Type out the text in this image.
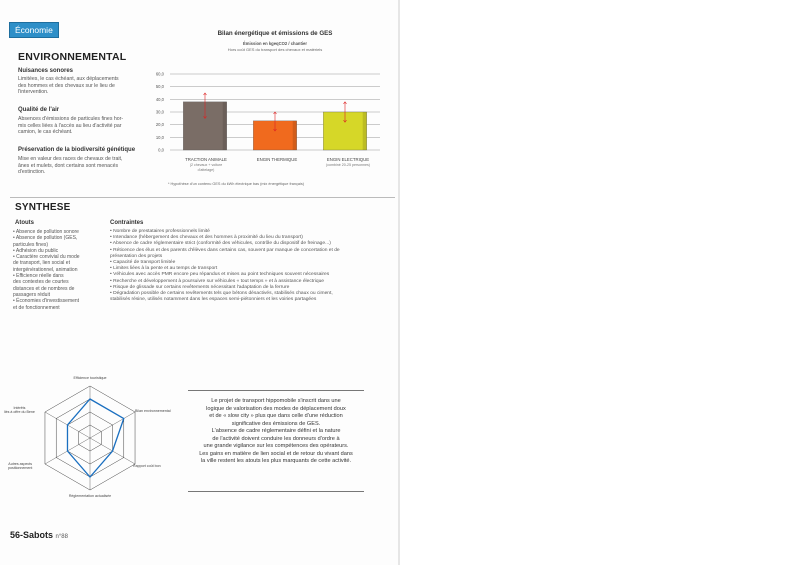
Économie
ENVIRONNEMENTAL
Nuisances sonores
Limitées, le cas échéant, aux déplacements
des hommes et des chevaux sur le lieu de
l'intervention.
Qualité de l'air
Absences d'émissions de particules fines hor-
mis celles liées à l'accès au lieu d'activité par
camion, le cas échéant.
Préservation de la biodiversité génétique
Mise en valeur des races de chevaux de trait,
ânes et mulets, dont certains sont menacés
d'extinction.
Bilan énergétique et émissions de GES
Émission en kgeqCO2 / chantier
Hors coût GES du transport des chevaux et matériels
0,0
10,0
20,0
30,0
40,0
50,0
60,0
TRACTION ANIMALE
(2 chevaux + voiture
d'attelage)
ENGIN THERMIQUE	ENGIN ELECTRIQUE
(combiné 20-25 personnes)
* Hypothèse d'un contenu GES du kWh électrique bas (mix énergétique français)
SYNTHESE
Atouts
• Absence de pollution sonore
• Absence de pollution (GES,
particules fines)
• Adhésion du public
• Caractère convivial du mode
de transport, lien social et
intergénérationnel, animation
• Efficience réelle dans
des contextes de courtes
distances et de nombres de
passagers réduit
• Économies d'investissement
et de fonctionnement
Contraintes
• Nombre de prestataires professionnels limité
• Intendance (hébergement des chevaux et des hommes à proximité du lieu du transport)
• Absence de cadre réglementaire strict (conformité des véhicules, contrôle du dispositif de freinage...)
• Réticence des élus et des parents d'élèves dans certains cas, souvent par manque de concertation et de
présentation des projets
• Capacité de transport limitée
• Limites liées à la pente et au temps de transport
• Véhicules avec accès PMR encore peu répandus et mises au point techniques souvent nécessaires
• Recherche et développement à poursuivre sur véhicules « tout temps » et à assistance électrique
• Risque de glissade sur certains revêtements nécessitant l'adaptation de la ferrure
• Dégradation possible de certains revêtements tels que bétons désactivés, stabilisés chaux ou ciment,
stabilisés résine, utilisés notamment dans les espaces semi-piétonniers et les voiries partagées
Efficience touristique
Bilan environnemental
Rapport coût bon
Règlementation actualisée
Autres aspects
positionnement
Intérêts
liés à offre du Bene
Le projet de transport hippomobile s'inscrit dans une
logique de valorisation des modes de déplacement doux
et de « slow city » plus que dans celle d'une réduction
significative des émissions de GES.
L'absence de cadre réglementaire défini et la nature
de l'activité doivent conduire les donneurs d'ordre à
une grande vigilance sur les compétences des opérateurs.
Les gains en matière de lien social et de retour du vivant dans
la ville restent les atouts les plus marquants de cette activité.
56-Sabots n°88
